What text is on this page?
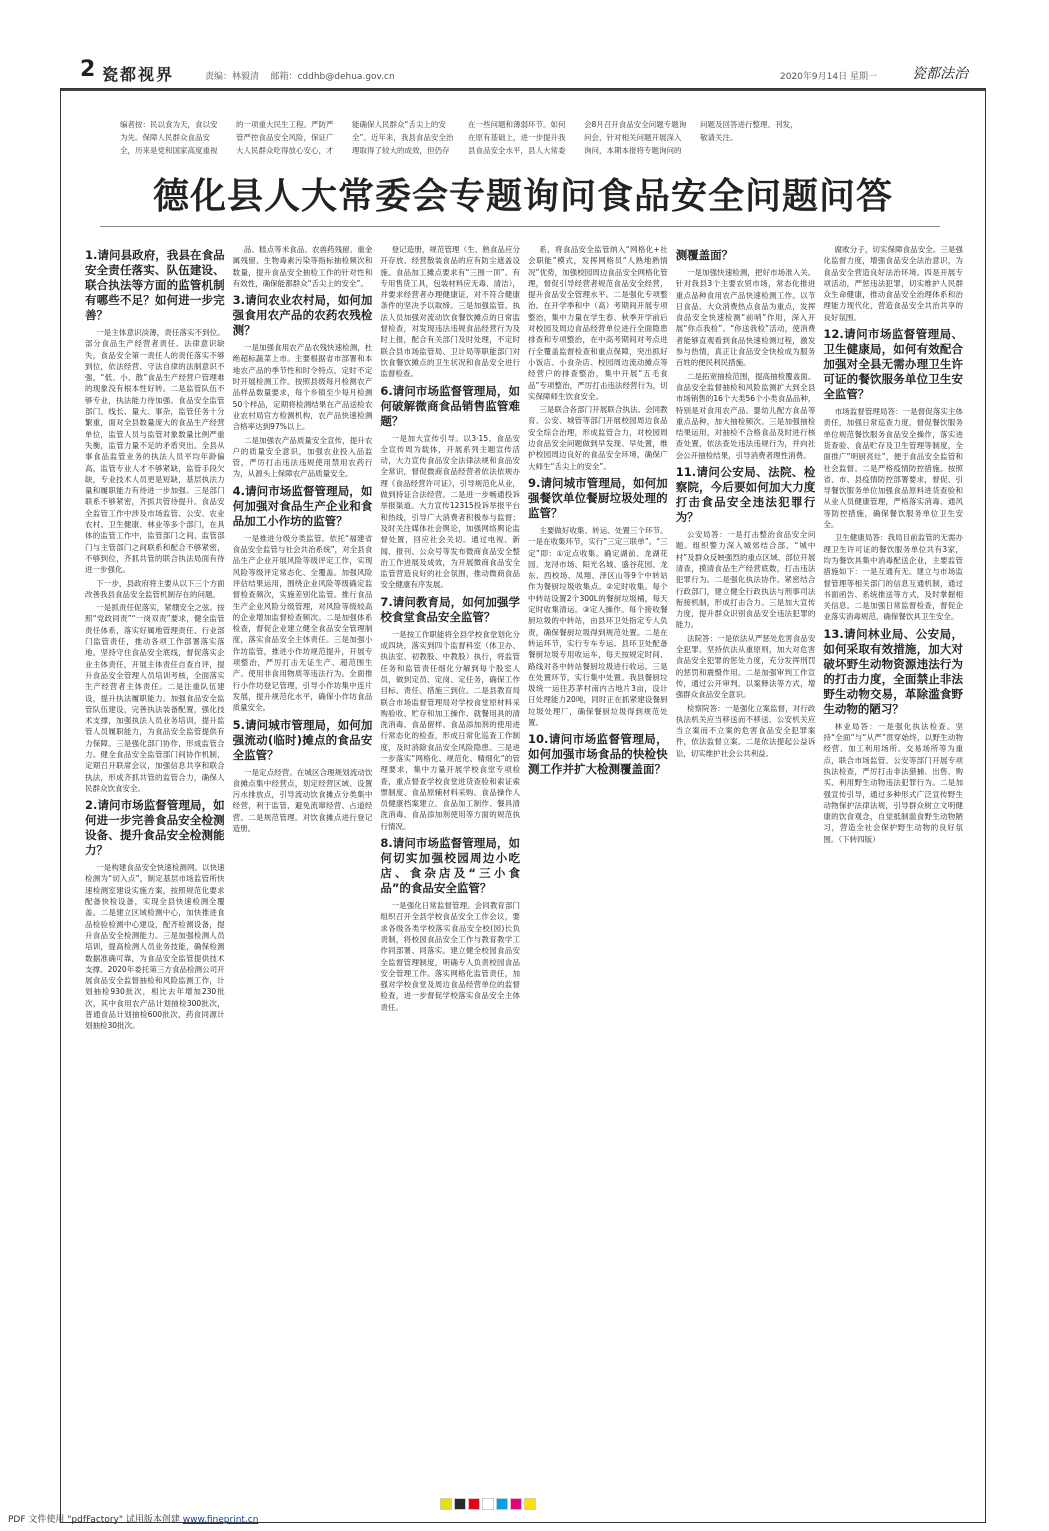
2 瓷都视界	责编：林毅清 邮箱：cddhb@dehua.gov.cn	2020年9月14日 星期一	瓷都法治
编者按：民以食为天，食以安为先。保障人民群众食品安全，历来是党和国家高度重视的一项重大民生工程。严防严管严控食品安全风险，保证广大人民群众吃得放心安心，才能确保人民群众“舌尖上的安全”。近年来，我县食品安全治理取得了较大的成效，但仍存在一些问题和薄弱环节。如何在原有基础上，进一步提升我县食品安全水平，县人大常委会8月召开食品安全问题专题询问会，针对相关问题开展深入询问，本期本报将专题询问的问题及回答进行整理、刊发，敬请关注。
德化县人大常委会专题询问食品安全问题问答
1.请问县政府，我县在食品安全责任落实、队伍建设、联合执法等方面的监管机制有哪些不足？如何进一步完善？

一是主体意识淡薄，责任落实不到位。部分食品生产经营者责任、法律意识缺失，食品安全第一责任人的责任落实不够到位，依法经营、守法自律的法制意识不强，“低、小、散”食品生产经营户管理难的现象没有根本性好转。二是监管队伍不够专业，执法能力待加强。食品安全监管部门、线长、量大、事杂，监管任务十分繁重，面对全县数量庞大的食品生产经营单位，监管人员与监管对象数量比例严重失衡，监管力量不足的矛盾突出。全县从事食品监管业务的执法人员平均年龄偏高，监管专业人才不够紧缺，监管手段欠缺，专业技术人员更是短缺，基层执法力量和履职能力有待进一步加强。三是部门联系不够紧密，齐抓共管待提升。食品安全监管工作中涉及市场监管、公安、农业农村、卫生健康、林业等多个部门，在具体的监管工作中，监管部门之间、监管部门与主管部门之间联系和配合不够紧密，不够到位，齐抓共管的联合执法局面有待进一步强化。

下一步，县政府将主要从以下三个方面改善我县食品安全监管机制存在的问题。

一是抓责任促落实，紧绷安全之弦。按照“党政同责”“一岗双责”要求，健全监管责任体系，落实好属地管理责任、行业部门监管责任，推动各项工作部署落实落地。坚持守住食品安全底线，督促落实企业主体责任，开展主体责任自查自评，提升食品安全管理人员培训考核，全面落实生产经营者主体责任。二是注重队伍建设，提升执法履职能力。加强食品安全监管队伍建设，完善执法装备配置，强化技术支撑，加强执法人员业务培训，提升监管人员履职能力，为食品安全监管提供有力保障。三是强化部门协作，形成监管合力。健全食品安全监管部门间协作机制，定期召开联席会议，加强信息共享和联合执法，形成齐抓共管的监管合力，确保人民群众饮食安全。

2.请问市场监督管理局，如何进一步完善食品安全检测设备、提升食品安全检测能力？

一是构建食品安全快速检测网。以快速检测为“切入点”，制定基层市场监管所快速检测室建设实施方案，按照规范化要求配备快检设备，实现全县快速检测全覆盖。二是建立区域检测中心，加快推进食品检验检测中心建设，配齐检测设备，提升食品安全检测能力。三是加强检测人员培训，提高检测人员业务技能，确保检测数据准确可靠，为食品安全监管提供技术支撑。2020年委托第三方食品检测公司开展食品安全监督抽检和风险监测工作，计划抽检930批次，相比去年增加230批次，其中食用农产品计划抽检300批次，普通食品计划抽检600批次，药食同源计划抽检30批次。

品、糕点等米食品、农兽药残留、重金属残留、生物毒素污染等指标抽检频次和数量，提升食品安全抽检工作的针对性和有效性，确保能都群众“舌尖上的安全”。

3.请问农业农村局，如何加强食用农产品的农药农残检测？

一是加强食用农产品农残快速检测，杜绝超标蔬菜上市。主要根据省市部署和本地农产品的季节性和时令特点，定时不定时开展检测工作。按照县级每月检测农产品样品数量要求，每个乡镇至少每月检测50个样品，定期将检测结果在产品送检农业农村局官方检测机构，农产品快速检测合格率达到97%以上。

二是加强农产品质量安全宣传，提升农户的质量安全意识，加强农业投入品监管，严厉打击违法违规使用禁用农药行为，从源头上保障农产品质量安全。

4.请问市场监督管理局，如何加强对食品生产企业和食品加工小作坊的监管？

一是推进分级分类监管。依托“福建省食品安全监管与社会共治系统”，对全县食品生产企业开展风险等级评定工作，实现风险等级评定常态化、全覆盖。加强风险评估结果运用，围绕企业风险等级确定监督检查频次，实施差别化监管。推行食品生产企业风险分级管理，对风险等级较高的企业增加监督检查频次。二是加强体系检查，督促企业建立健全食品安全管理制度，落实食品安全主体责任。三是加强小作坊监管，推进小作坊规范提升，开展专项整治，严厉打击无证生产、超范围生产、使用非食用物质等违法行为。全面推行小作坊登记管理，引导小作坊集中连片发展，提升规范化水平，确保小作坊食品质量安全。

5.请问城市管理局，如何加强流动(临时)摊点的食品安全监管？

一是定点经营。在城区合理规划流动饮食摊点集中经营点，划定经营区域、设置污水排放点，引导流动饮食摊点分类集中经营，利于监管，避免流窜经营、占道经营。二是规范管理。对饮食摊点进行登记造册。

登记造册，规范管理（生、熟食品应分开存放、经营散装食品的应有防尘遮盖设施、食品加工摊点要求有“三围一顶”、有专用售货工具，包装材料应无毒、清洁），并要求经营者办理健康证，对不符合健康条件的坚决予以取缔。三是加强监管。执法人员加强对流动饮食餐饮摊点的日常监督检查，对发现违法违规食品经营行为及时上报，配合有关部门及时处理，不定时联合县市场监管局、卫计局等职能部门对饮食餐饮摊点的卫生状况和食品安全进行监督检查。

6.请问市场监督管理局，如何破解微商食品销售监管难题？

一是加大宣传引导。以3·15、食品安全宣传周为载体，开展系列主题宣传活动，大力宣传食品安全法律法规和食品安全常识，督促微商食品经营者依法依规办理《食品经营许可证》，引导规范化从业，做到持证合法经营。二是进一步畅通投诉举报渠道。大力宣传12315投诉举报平台和热线，引导广大消费者积极参与监督；及时关注媒体社会舆论，加强网络舆论监督处置，回应社会关切。通过电视、新闻、报刊、公众号等发布微商食品安全整治工作进展及成效，为开展微商食品安全监管营造良好的社会氛围，推动微商食品安全健康有序发展。

7.请问教育局，如何加强学校食堂食品安全监管？

一是按工作职能将全县学校食堂划化分成四块，落实到四个监督科室（体卫办、执法室、初教股、中教股）执行，将监管任务和监管责任细化分解到每个股室人员，做到定员、定岗、定任务，确保工作目标、责任、措施三到位。二是县教育局联合市场监督管理局对学校食堂原材料采购验收、贮存和加工操作、就餐用具的清洗消毒、食品留样、食品添加剂的使用进行常态化的检查，形成日常化巡查工作制度，及时消除食品安全风险隐患。三是进一步落实“网格化、规范化、精细化”的管理要求，集中力量开展学校食堂专项检查，重点督查学校食堂进货查验和索证索票制度、食品原辅材料采购、食品操作人员健康档案建立、食品加工制作、餐具清洗消毒、食品添加剂使用等方面的规范执行情况。

8.请问市场监督管理局，如何切实加强校园周边小吃店、食杂店及“三小食品”的食品安全监管？

一是强化日常监督管理。会同教育部门组织召开全县学校食品安全工作会议，要求各级各类学校落实食品安全校(园)长负责制，将校园食品安全工作与教育教学工作同部署、同落实。建立健全校园食品安全监督管理制度，明确专人负责校园食品安全管理工作。落实网格化监管责任，加强对学校食堂及周边食品经营单位的监督检查，进一步督促学校落实食品安全主体责任。

系，将食品安全监管纳入“网格化+社会职能”模式，发挥网格员“人熟地熟情况”优势，加强校园周边食品安全网格化管理，督促引导经营者规范食品安全经营，提升食品安全管理水平。二是强化专项整治。在开学季和中（高）考期间开展专项整治，集中力量在学生春、秋季开学前后对校园及周边食品经营单位进行全面隐患排查和专项整治，在中高考期间对考点进行全覆盖监督检查和重点保障，突出抓好小饭店、小食杂店、校园周边流动摊点等经营户的排查整治，集中开展“五毛食品”专项整治，严厉打击违法经营行为，切实保障师生饮食安全。

三是联合各部门开展联合执法。会同教育、公安、城管等部门开展校园周边食品安全综合治理，形成监管合力，对校园周边食品安全问题做到早发现、早处置，维护校园周边良好的食品安全环境，确保广大师生“舌尖上的安全”。

9.请问城市管理局，如何加强餐饮单位餐厨垃圾处理的监管？

主要做好收集、转运、处置三个环节。一是在收集环节，实行“三定三联单”。“三定”即：①定点收集。确定湖前、龙湖花园、龙浔市场、阳光名城、盛谷花园、龙东、西校场、凤翔、泽区山等9个中转站作为餐厨垃圾收集点。②定时收集。每个中转站设置2个300L的餐厨垃圾桶，每天定时收集清运。③定人操作。每个接收餐厨垃圾的中转站，由县环卫处指定专人负责，确保餐厨垃圾得到规范处置。二是在转运环节，实行专车专运。县环卫处配备餐厨垃圾专用收运车，每天按规定时间、路线对各中转站餐厨垃圾进行收运。三是在处置环节，实行集中处置。我县餐厨垃圾统一运往苏茅村南内古地片3亩，设计日处理能力20吨，同时正在抓紧建设餐厨垃圾处理厂，确保餐厨垃圾得到规范处置。

10.请问市场监督管理局，如何加强市场食品的快检快测工作并扩大检测覆盖面？
测覆盖面？

一是加强快速检测，把好市场准入关。针对我县3个主要农贸市场，常态化推进重点品种食用农产品快速检测工作。以节日食品、大众消费热点食品为重点，发挥食品安全快速检测“前哨”作用，深入开展“你点我检”、“你送我检”活动，使消费者能够直观看到食品快速检测过程，激发参与热情，真正让食品安全快检成为服务百姓的便民利民措施。

二是拓宽抽检范围，提高抽检覆盖面。食品安全监督抽检和风险监测扩大到全县市场销售的16个大类56个小类食品品种，特别是对食用农产品、婴幼儿配方食品等重点品种，加大抽检频次。三是加强抽检结果运用，对抽检不合格食品及时进行核查处置，依法查处违法违规行为，并向社会公开抽检结果，引导消费者理性消费。

11.请问公安局、法院、检察院，今后要如何加大力度打击食品安全违法犯罪行为？

公安局答：一是打击整治食品安全问题。组织警力深入城郊结合部、“城中村”及群众反映强烈的重点区域、部位开展清查，摸清食品生产经营底数，打击违法犯罪行为。二是强化执法协作。紧密结合行政部门，建立健全行政执法与刑事司法衔接机制，形成打击合力。三是加大宣传力度，提升群众识别食品安全违法犯罪的能力。

法院答：一是依法从严惩处危害食品安全犯罪。坚持依法从重原则，加大对危害食品安全犯罪的惩处力度，充分发挥刑罚的惩罚和震慑作用。二是加强审判工作宣传，通过公开审判、以案释法等方式，增强群众食品安全意识。

检察院答：一是强化立案监督，对行政执法机关应当移送而不移送、公安机关应当立案而不立案的危害食品安全犯罪案件，依法监督立案。二是依法提起公益诉讼，切实维护社会公共利益。

腐败分子，切实保障食品安全。三是强化监督力度，增强食品安全法治意识，为食品安全营造良好法治环境。四是开展专项活动，严惩违法犯罪，切实维护人民群众生命健康，推动食品安全治理体系和治理能力现代化，营造食品安全共治共享的良好氛围。

12.请问市场监督管理局、卫生健康局，如何有效配合加强对全县无需办理卫生许可证的餐饮服务单位卫生安全监管？

市场监督管理局答：一是督促落实主体责任，加强日常巡查力度，督促餐饮服务单位规范餐饮服务食品安全操作，落实进货查验、食品贮存及卫生管理等制度，全面推广“明厨亮灶”，便于食品安全监管和社会监督。二是严格疫情防控措施。按照省、市、县疫情防控部署要求，督促、引导餐饮服务单位加强食品原料进货查验和从业人员健康管理，严格落实消毒、通风等防控措施，确保餐饮服务单位卫生安全。

卫生健康局答：我局目前监管的无需办理卫生许可证的餐饮服务单位共有3家，均为餐饮具集中消毒配送企业，主要监管措施如下：一是互通有无。建立与市场监督管理等相关部门的信息互通机制，通过书面函告、系统推送等方式，及时掌握相关信息。二是加强日常监督检查，督促企业落实消毒规范，确保餐饮具卫生安全。

13.请问林业局、公安局，如何采取有效措施，加大对破坏野生动物资源违法行为的打击力度，全面禁止非法野生动物交易，革除滥食野生动物的陋习？

林业局答：一是强化执法检查。坚持“全面”与“从严”贯穿始终，以野生动物经营、加工利用场所、交易场所等为重点，联合市场监管、公安等部门开展专项执法检查，严厉打击非法猎捕、出售、购买、利用野生动物违法犯罪行为。二是加强宣传引导，通过多种形式广泛宣传野生动物保护法律法规，引导群众树立文明健康的饮食观念，自觉抵制滥食野生动物陋习，营造全社会保护野生动物的良好氛围。（下转四版）

PDF 文件使用 "pdfFactory" 试用版本创建 www.fineprint.cn
